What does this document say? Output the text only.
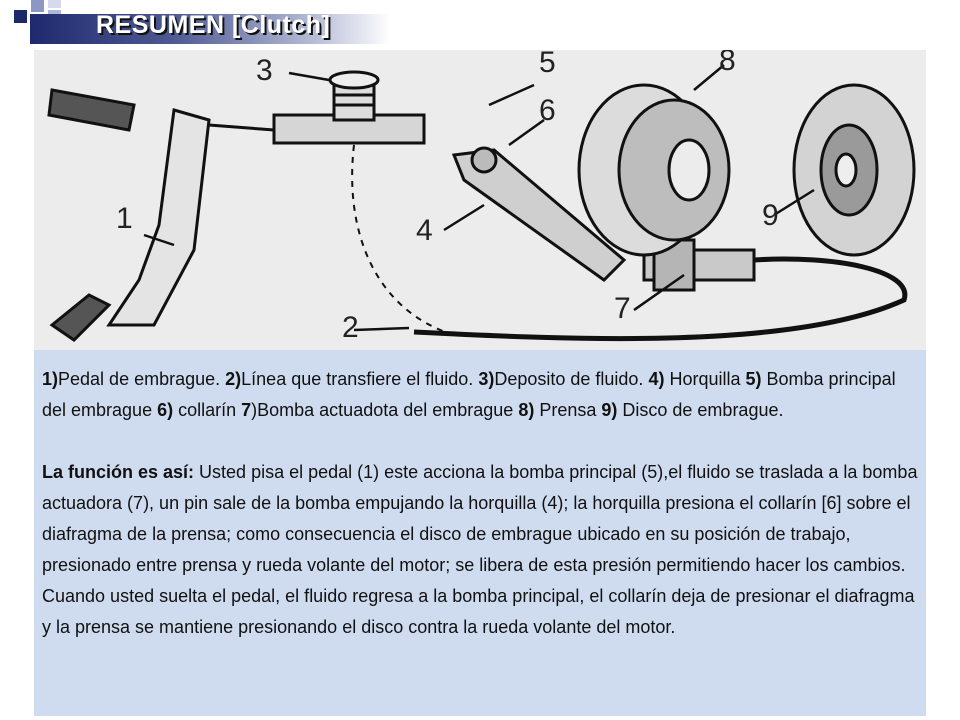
RESUMEN [Clutch]
1
2
3
4
5
6
7
8
9

1)Pedal de embrague. 2)Línea que transfiere el fluido. 3)Deposito de fluido. 4) Horquilla 5) Bomba principal del embrague 6) collarín 7)Bomba actuadota del embrague 8) Prensa 9) Disco de embrague.

La función es así: Usted pisa el pedal (1) este acciona la bomba principal (5),el fluido se traslada a la bomba actuadora (7), un pin sale de la bomba empujando la horquilla (4); la horquilla presiona el collarín [6] sobre el diafragma de la prensa; como consecuencia el disco de embrague ubicado en su posición de trabajo, presionado entre prensa y rueda volante del motor; se libera de esta presión permitiendo hacer los cambios. Cuando usted suelta el pedal, el fluido regresa a la bomba principal, el collarín deja de presionar el diafragma y la prensa se mantiene presionando el disco contra la rueda volante del motor.
